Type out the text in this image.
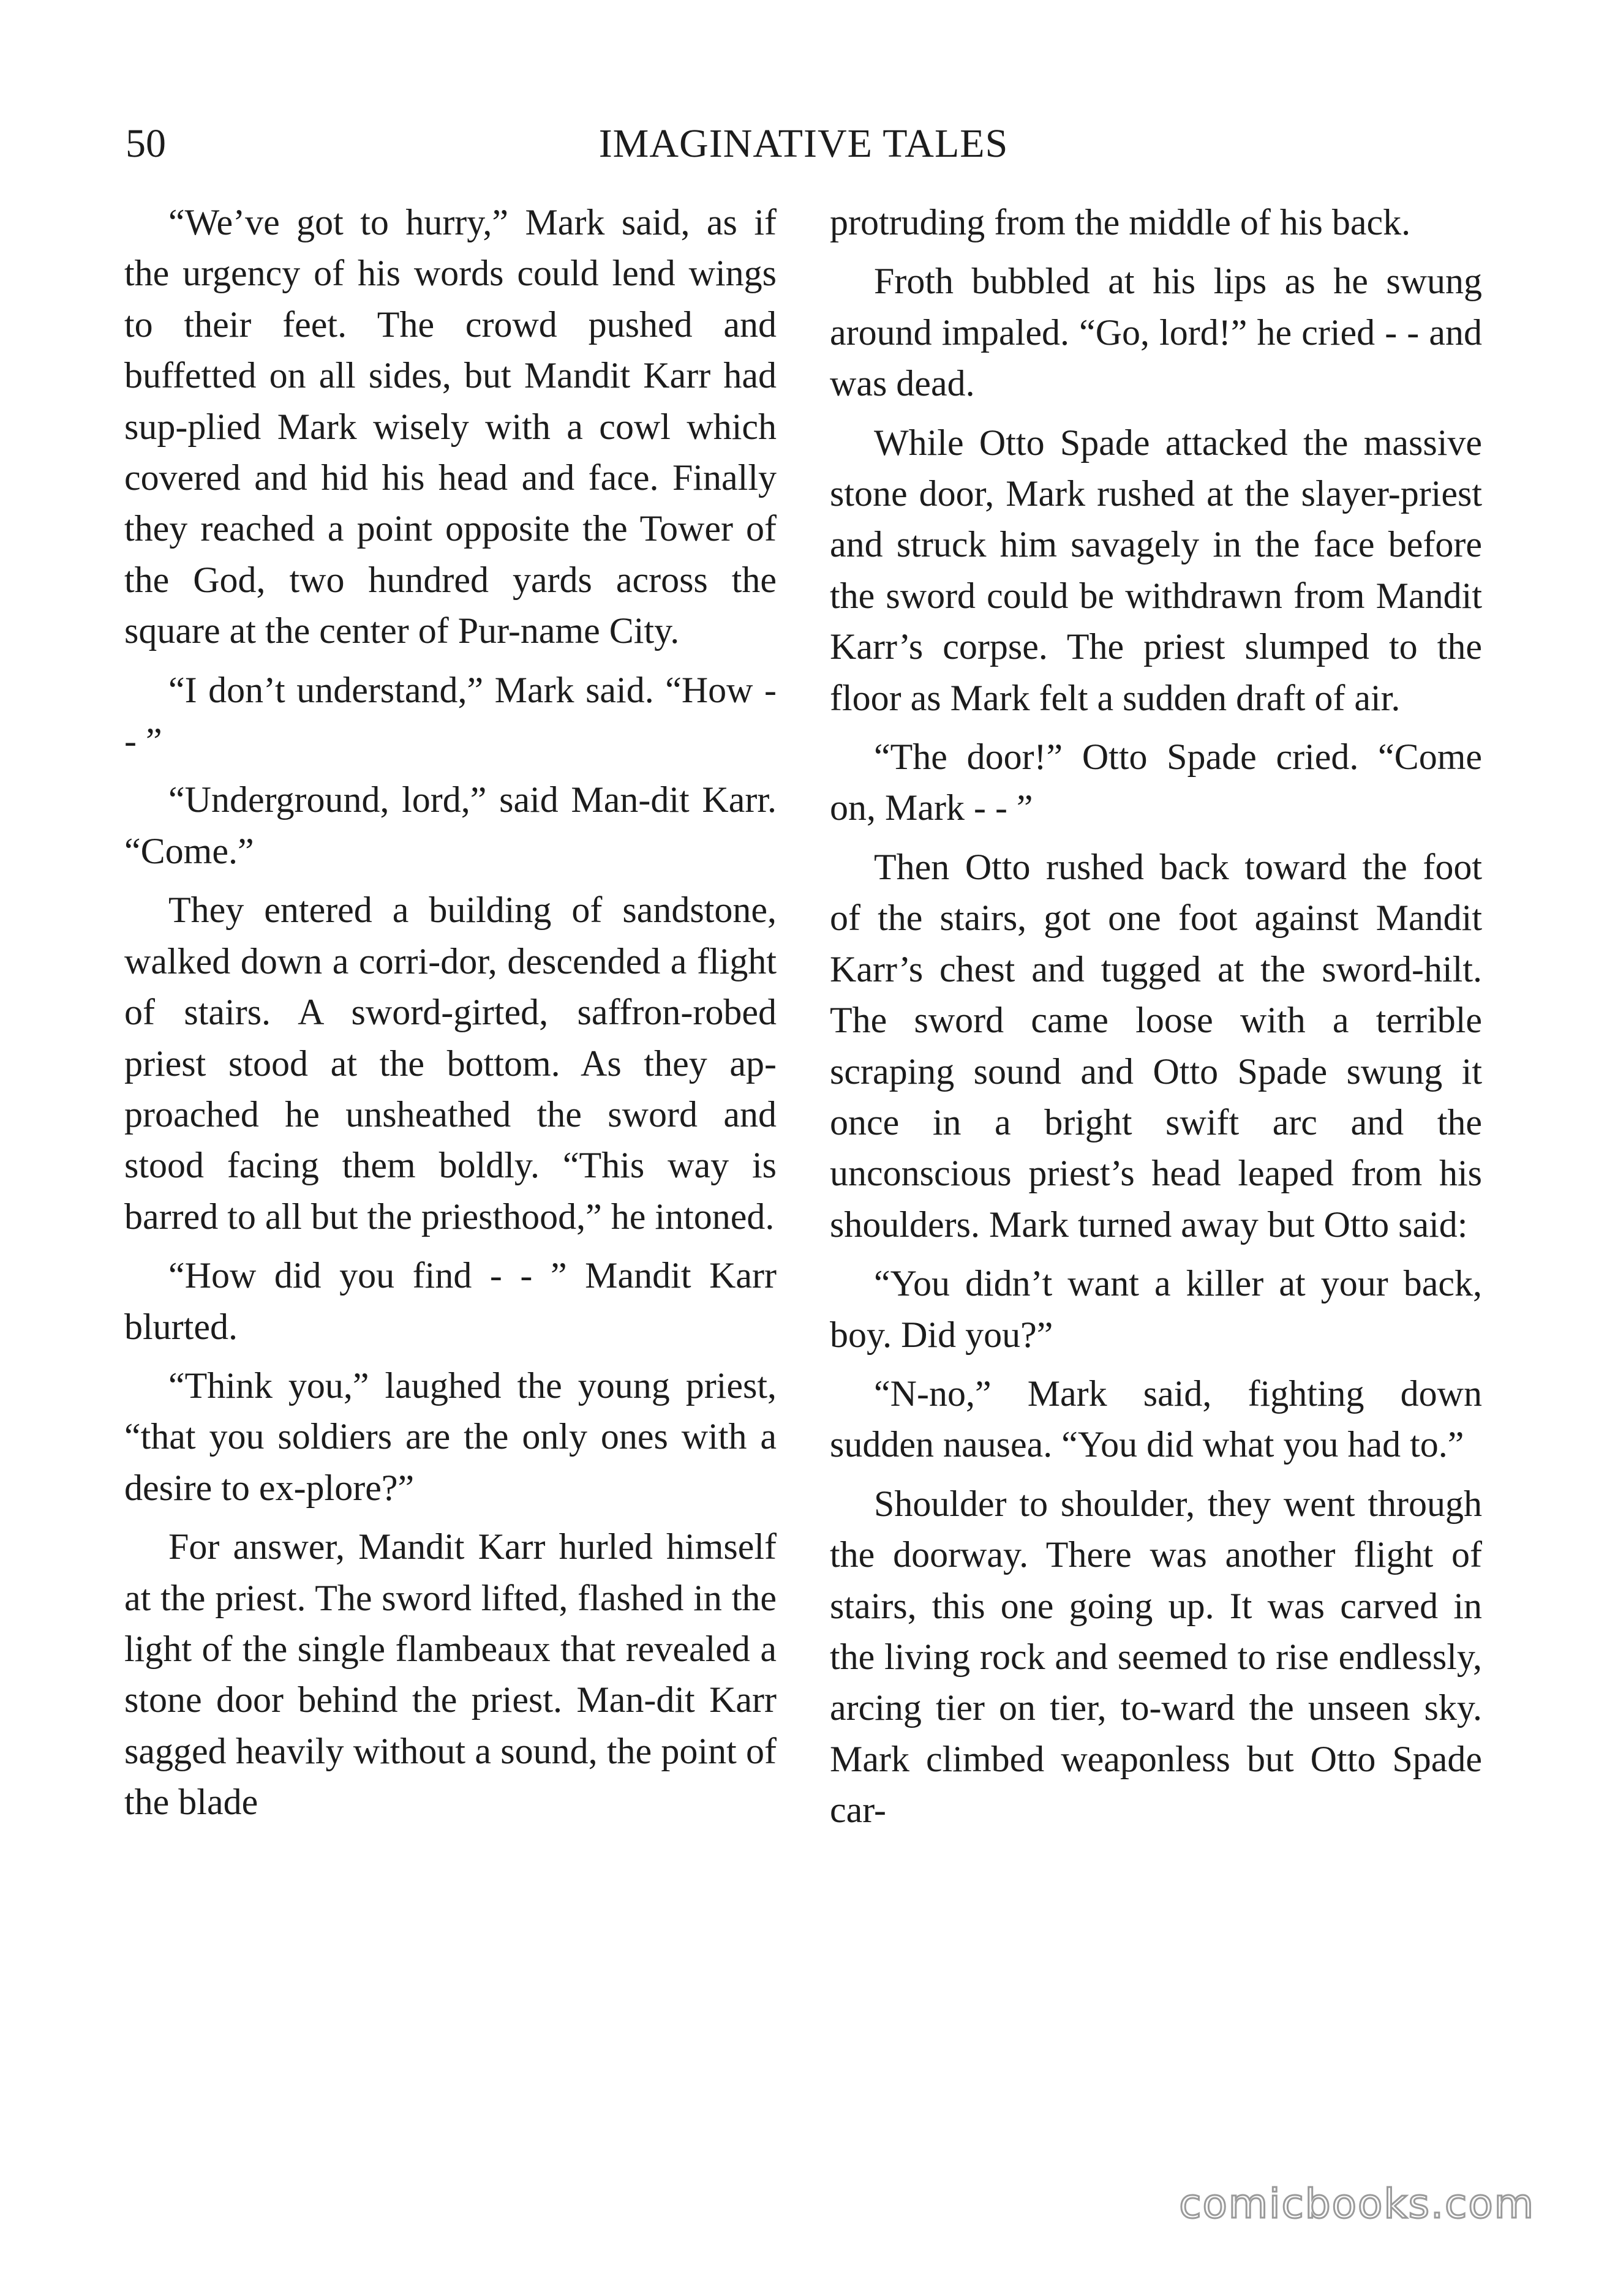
50	IMAGINATIVE TALES

“We’ve got to hurry,” Mark said, as if the urgency of his words could lend wings to their feet. The crowd pushed and buffetted on all sides, but Mandit Karr had sup-plied Mark wisely with a cowl which covered and hid his head and face. Finally they reached a point opposite the Tower of the God, two hundred yards across the square at the center of Pur-name City.

“I don’t understand,” Mark said. “How - - ”

“Underground, lord,” said Man-dit Karr. “Come.”

They entered a building of sandstone, walked down a corri-dor, descended a flight of stairs. A sword-girted, saffron-robed priest stood at the bottom. As they ap-proached he unsheathed the sword and stood facing them boldly. “This way is barred to all but the priesthood,” he intoned.

“How did you find - - ” Mandit Karr blurted.

“Think you,” laughed the young priest, “that you soldiers are the only ones with a desire to ex-plore?”

For answer, Mandit Karr hurled himself at the priest. The sword lifted, flashed in the light of the single flambeaux that revealed a stone door behind the priest. Man-dit Karr sagged heavily without a sound, the point of the blade

protruding from the middle of his back.

Froth bubbled at his lips as he swung around impaled. “Go, lord!” he cried - - and was dead.

While Otto Spade attacked the massive stone door, Mark rushed at the slayer-priest and struck him savagely in the face before the sword could be withdrawn from Mandit Karr’s corpse. The priest slumped to the floor as Mark felt a sudden draft of air.

“The door!” Otto Spade cried. “Come on, Mark - - ”

Then Otto rushed back toward the foot of the stairs, got one foot against Mandit Karr’s chest and tugged at the sword-hilt. The sword came loose with a terrible scraping sound and Otto Spade swung it once in a bright swift arc and the unconscious priest’s head leaped from his shoulders. Mark turned away but Otto said:

“You didn’t want a killer at your back, boy. Did you?”

“N-no,” Mark said, fighting down sudden nausea. “You did what you had to.”

Shoulder to shoulder, they went through the doorway. There was another flight of stairs, this one going up. It was carved in the living rock and seemed to rise endlessly, arcing tier on tier, to-ward the unseen sky. Mark climbed weaponless but Otto Spade car-

comicbooks.com
